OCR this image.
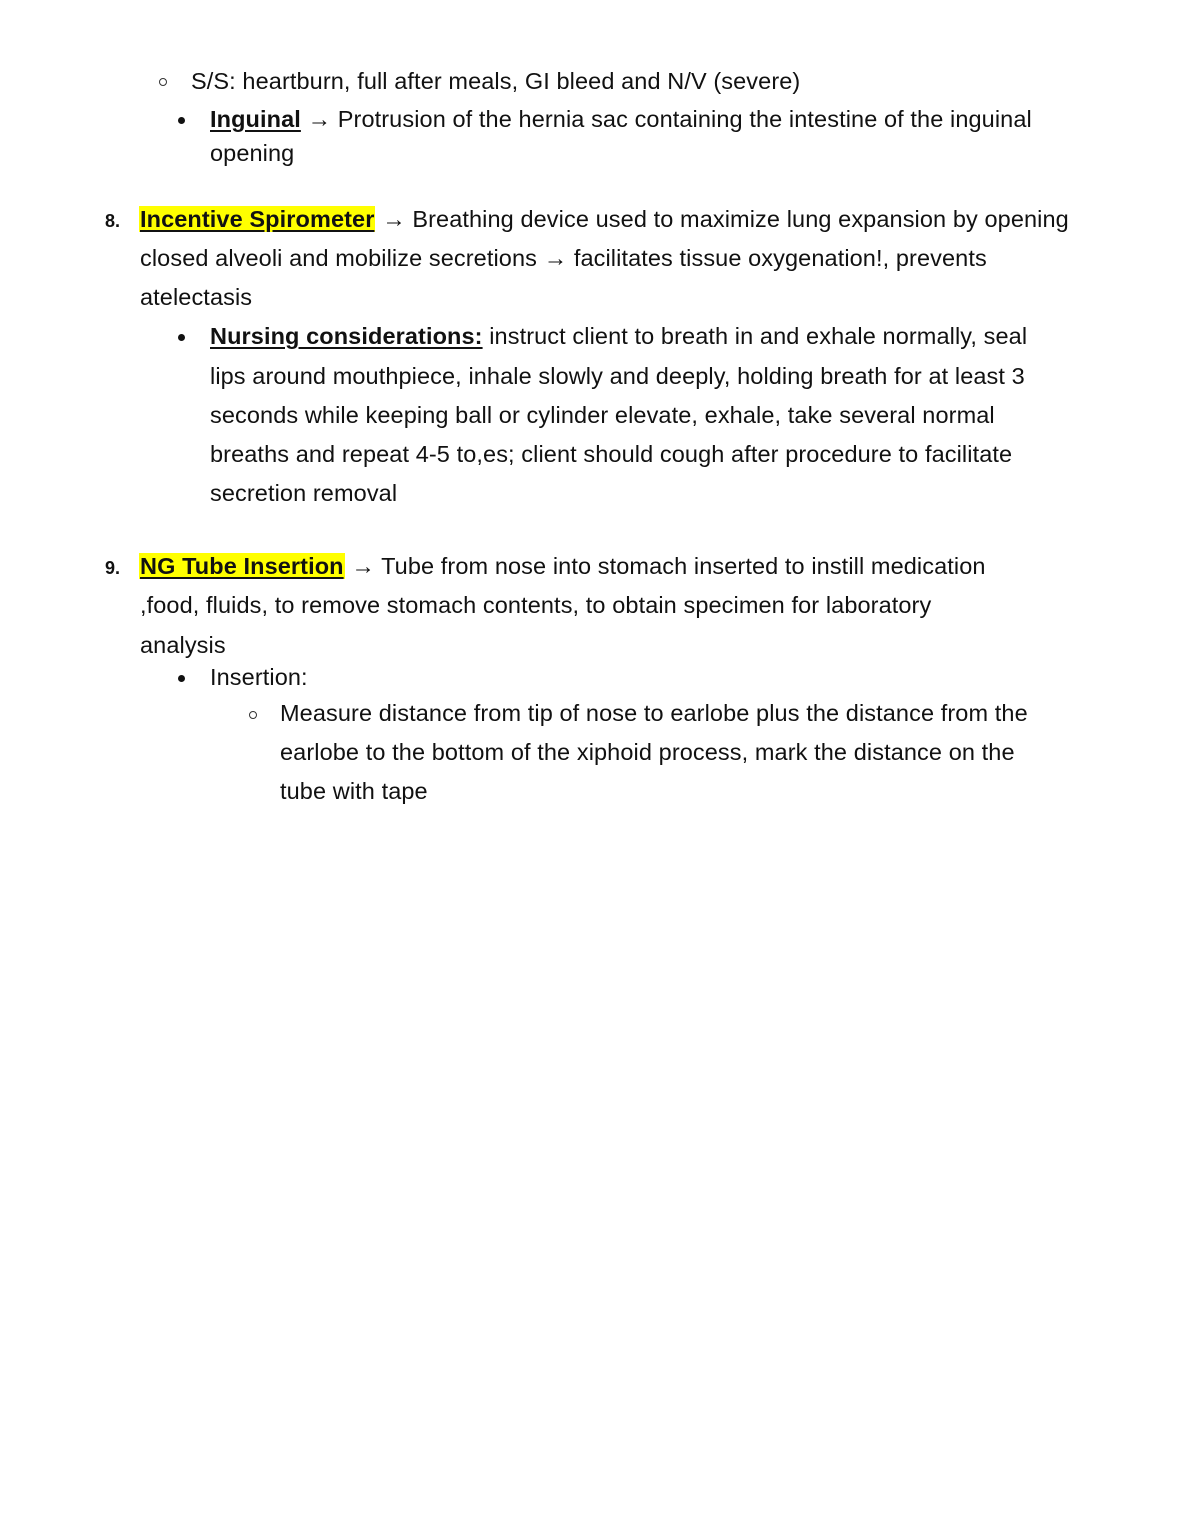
S/S: heartburn, full after meals, GI bleed and N/V (severe)
Inguinal → Protrusion of the hernia sac containing the intestine of the inguinal
opening
8. Incentive Spirometer → Breathing device used to maximize lung expansion by opening
closed alveoli and mobilize secretions → facilitates tissue oxygenation!, prevents
atelectasis
Nursing considerations: instruct client to breath in and exhale normally, seal
lips around mouthpiece, inhale slowly and deeply, holding breath for at least 3
seconds while keeping ball or cylinder elevate, exhale, take several normal
breaths and repeat 4-5 to,es; client should cough after procedure to facilitate
secretion removal
9. NG Tube Insertion → Tube from nose into stomach inserted to instill medication
,food, fluids, to remove stomach contents, to obtain specimen for laboratory
analysis
Insertion:
Measure distance from tip of nose to earlobe plus the distance from the
earlobe to the bottom of the xiphoid process, mark the distance on the
tube with tape
